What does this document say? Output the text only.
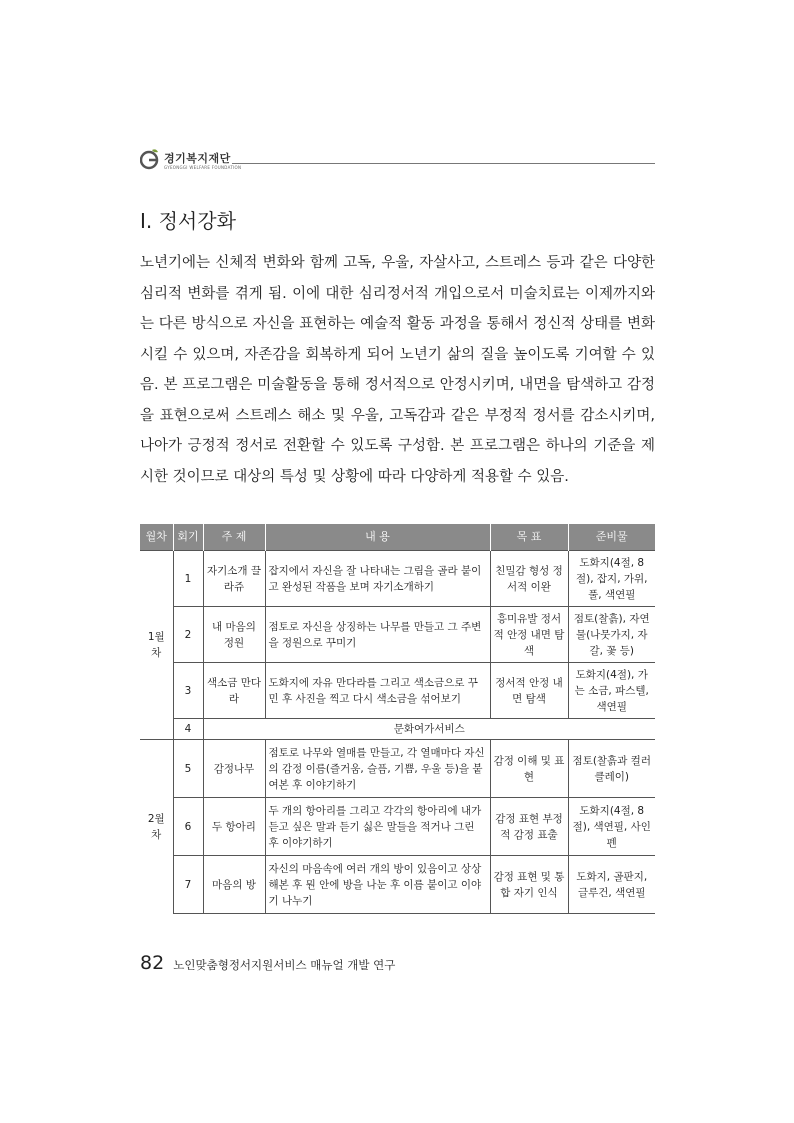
경기복지재단
GYEONGGI WELFARE FOUNDATION
Ⅰ. 정서강화

노년기에는 신체적 변화와 함께 고독, 우울, 자살사고, 스트레스 등과 같은 다양한 심리적 변화를 겪게 됨. 이에 대한 심리정서적 개입으로서 미술치료는 이제까지와는 다른 방식으로 자신을 표현하는 예술적 활동 과정을 통해서 정신적 상태를 변화시킬 수 있으며, 자존감을 회복하게 되어 노년기 삶의 질을 높이도록 기여할 수 있음. 본 프로그램은 미술활동을 통해 정서적으로 안정시키며, 내면을 탐색하고 감정을 표현으로써 스트레스 해소 및 우울, 고독감과 같은 부정적 정서를 감소시키며, 나아가 긍정적 정서로 전환할 수 있도록 구성함. 본 프로그램은 하나의 기준을 제시한 것이므로 대상의 특성 및 상황에 따라 다양하게 적용할 수 있음.

월차	회기	주 제	내 용	목 표	준비물
1월차	1	자기소개 끌라쥬	잡지에서 자신을 잘 나타내는 그림을 골라 붙이고 완성된 작품을 보며 자기소개하기	친밀감 형성 정서적 이완	도화지(4절, 8절), 잡지, 가위, 풀, 색연필
	2	내 마음의 정원	점토로 자신을 상징하는 나무를 만들고 그 주변을 정원으로 꾸미기	흥미유발 정서적 안정 내면 탐색	점토(찰흙), 자연물(나뭇가지, 자갈, 꽃 등)
	3	색소금 만다라	도화지에 자유 만다라를 그리고 색소금으로 꾸민 후 사진을 찍고 다시 색소금을 섞어보기	정서적 안정 내면 탐색	도화지(4절), 가는 소금, 파스텔, 색연필
	4	문화여가서비스			
2월차	5	감정나무	점토로 나무와 열매를 만들고, 각 열매마다 자신의 감정 이름(즐거움, 슬픔, 기쁨, 우울 등)을 붙여본 후 이야기하기	감정 이해 및 표현	점토(찰흙과 컬러클레이)
	6	두 항아리	두 개의 항아리를 그리고 각각의 항아리에 내가 듣고 싶은 말과 듣기 싫은 말들을 적거나 그린 후 이야기하기	감정 표현 부정적 감정 표출	도화지(4절, 8절), 색연필, 사인펜
	7	마음의 방	자신의 마음속에 여러 개의 방이 있음이고 상상해본 후 뭔 안에 방을 나눈 후 이름 붙이고 이야기 나누기	감정 표현 및 통합 자기 인식	도화지, 골판지, 글루건, 색연필
82 노인맞춤형정서지원서비스 매뉴얼 개발 연구
